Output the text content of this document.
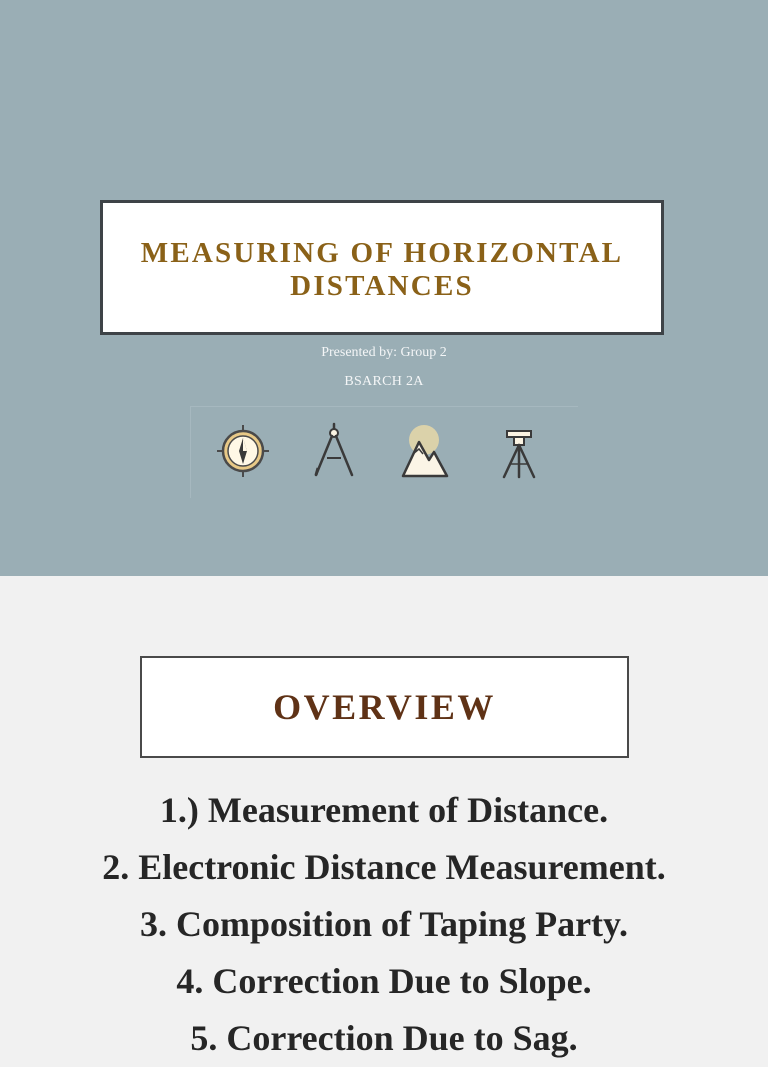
MEASURING OF HORIZONTAL DISTANCES

Presented by: Group 2

BSARCH 2A

OVERVIEW
1.) Measurement of Distance.
2. Electronic Distance Measurement.
3. Composition of Taping Party.
4. Correction Due to Slope.
5. Correction Due to Sag.
